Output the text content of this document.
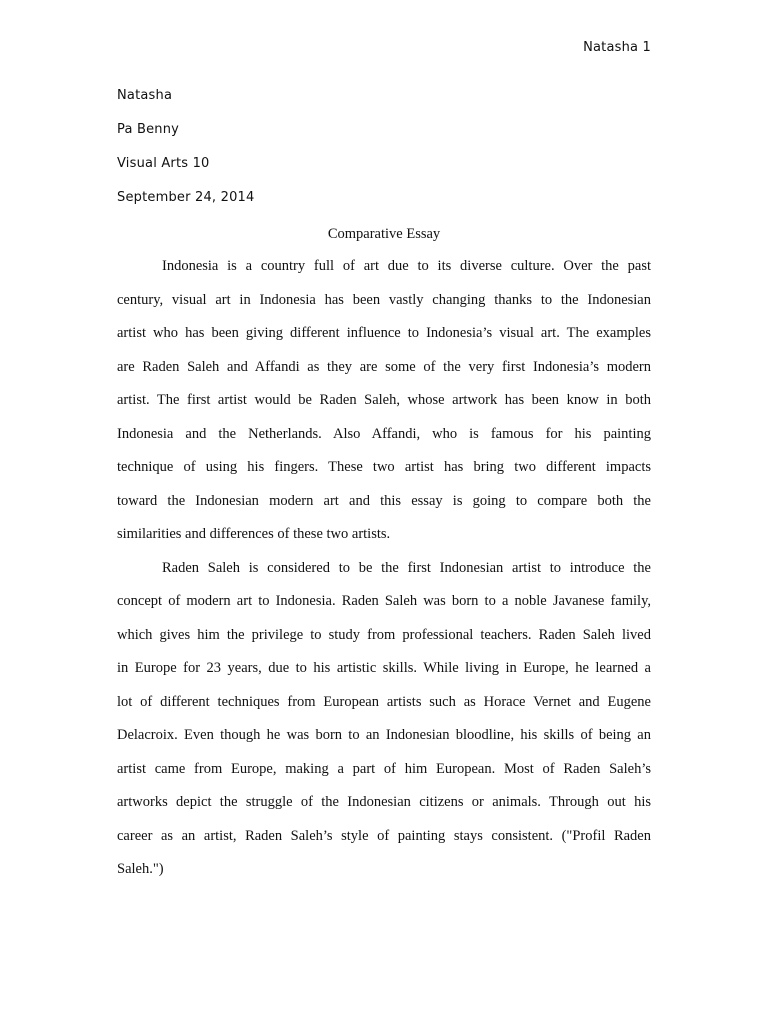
Natasha 1
Natasha
Pa Benny
Visual Arts 10
September 24, 2014
Comparative Essay
Indonesia is a country full of art due to its diverse culture. Over the past
century, visual art in Indonesia has been vastly changing thanks to the Indonesian
artist who has been giving different influence to Indonesia’s visual art. The examples
are Raden Saleh and Affandi as they are some of the very first Indonesia’s modern
artist. The first artist would be Raden Saleh, whose artwork has been know in both
Indonesia and the Netherlands. Also Affandi, who is famous for his painting
technique of using his fingers. These two artist has bring two different impacts
toward the Indonesian modern art and this essay is going to compare both the
similarities and differences of these two artists.
Raden Saleh is considered to be the first Indonesian artist to introduce the
concept of modern art to Indonesia. Raden Saleh was born to a noble Javanese family,
which gives him the privilege to study from professional teachers. Raden Saleh lived
in Europe for 23 years, due to his artistic skills. While living in Europe, he learned a
lot of different techniques from European artists such as Horace Vernet and Eugene
Delacroix. Even though he was born to an Indonesian bloodline, his skills of being an
artist came from Europe, making a part of him European. Most of Raden Saleh’s
artworks depict the struggle of the Indonesian citizens or animals. Through out his
career as an artist, Raden Saleh’s style of painting stays consistent. ("Profil Raden
Saleh.")
